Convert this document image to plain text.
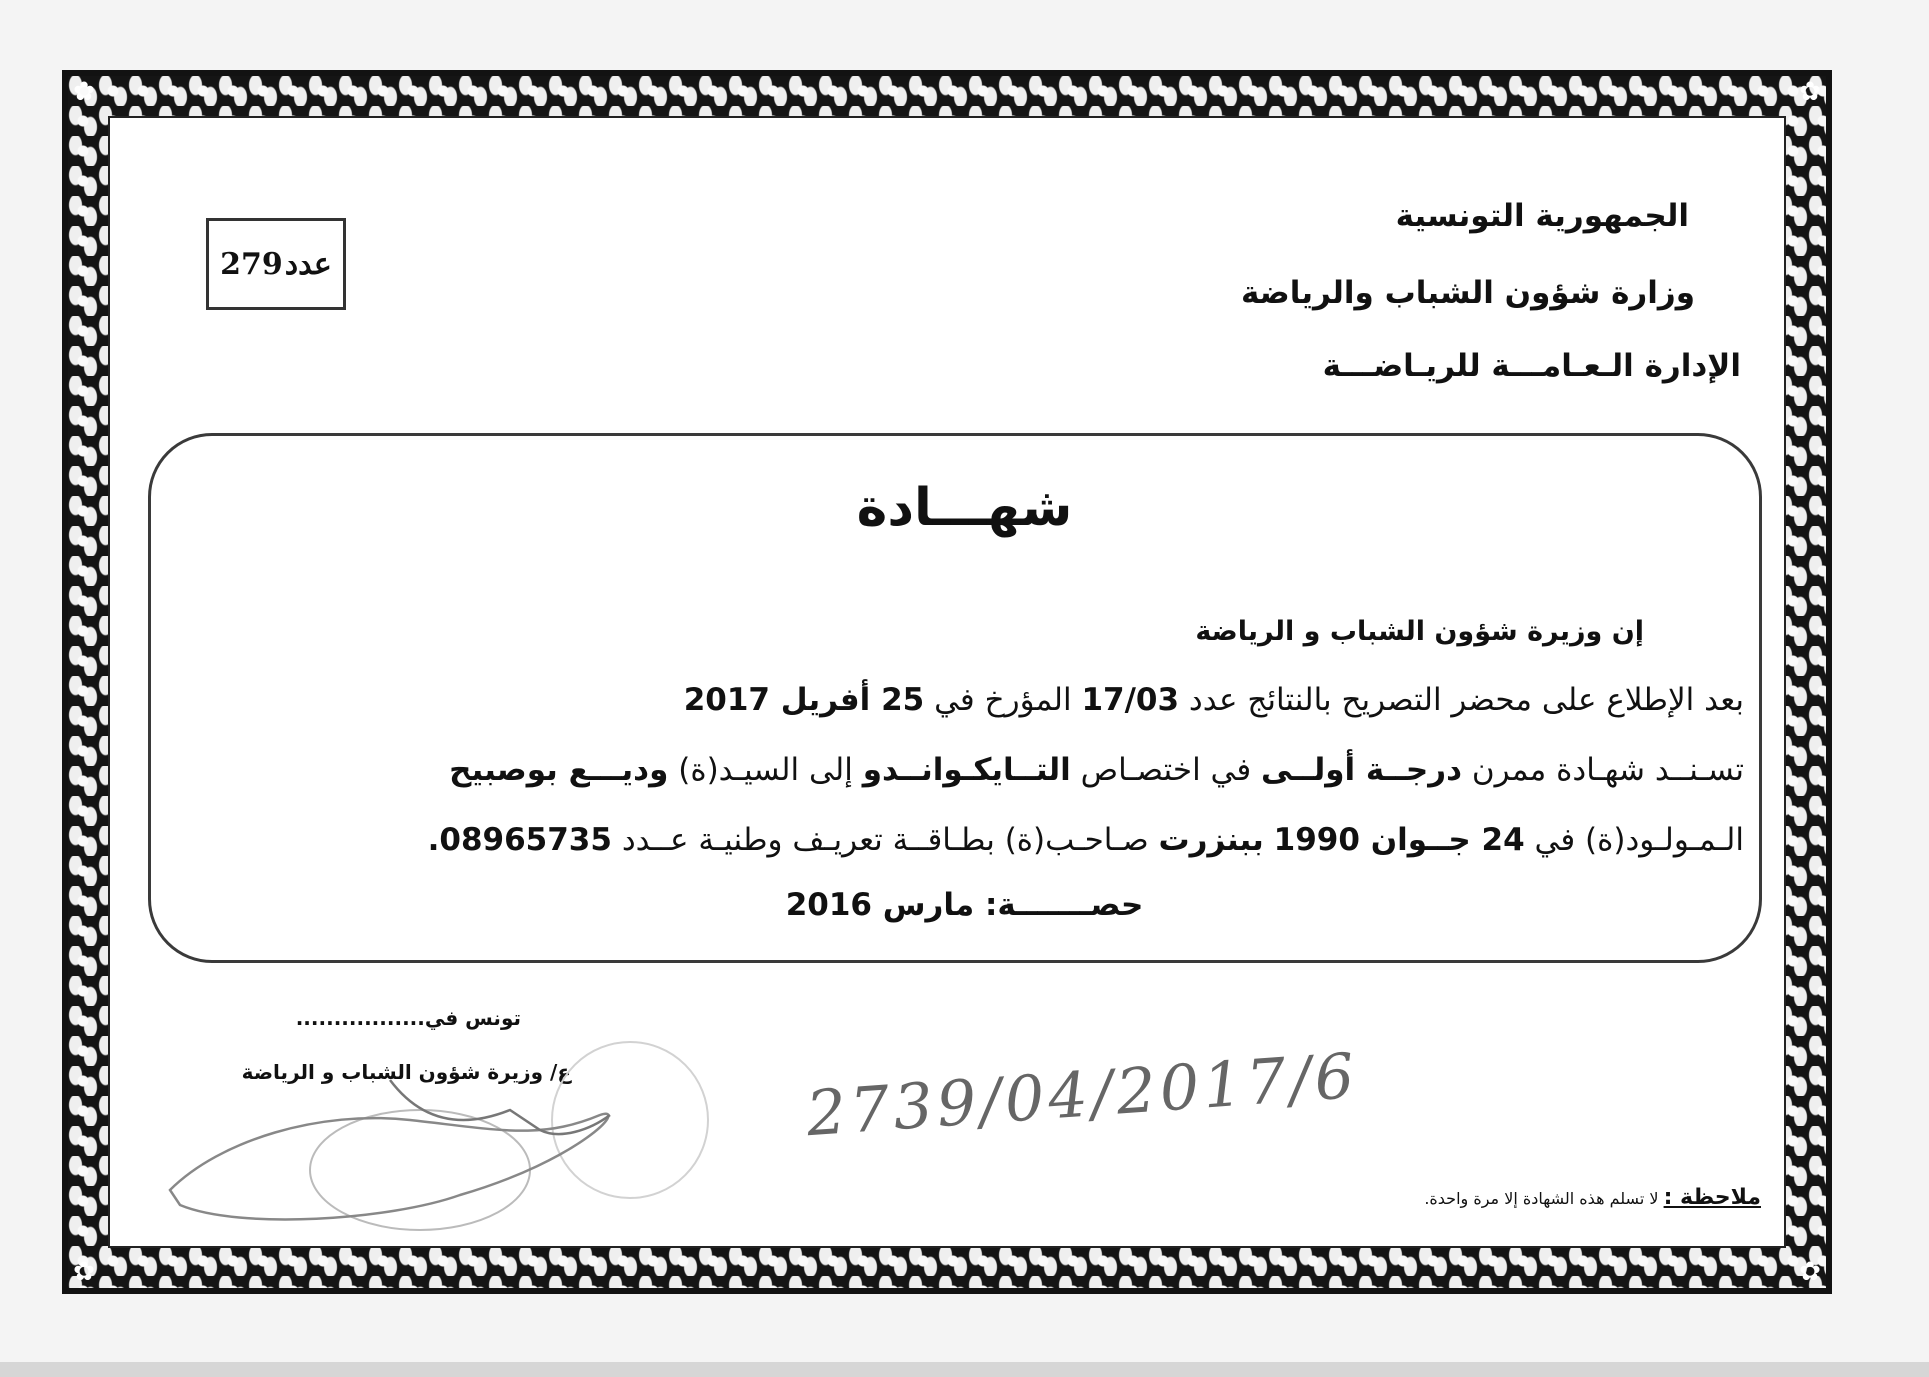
✿	✿
✿	✿
الجمهورية التونسية
وزارة شؤون الشباب والرياضة
الإدارة الـعـامـــة للريـاضـــة
279 عدد
شهـــادة
إن وزيرة شؤون الشباب و الرياضة
بعد الإطلاع على محضر التصريح بالنتائج عدد 17/03 المؤرخ في 25 أفريل 2017
تسـنــد شهـادة ممرن درجــة أولــى في اختصـاص التــايكـوانــدو إلى السيـد(ة) وديـــع بوصبيح
الـمـولـود(ة) في 24 جــوان 1990 ببنزرت صـاحـب(ة) بطـاقــة تعريـف وطنيـة عــدد 08965735.
حصـــــــة: مارس 2016
تونس في.................
ع/ وزيرة شؤون الشباب و الرياضة	2739/04/2017/6
ملاحظة : لا تسلم هذه الشهادة إلا مرة واحدة.
